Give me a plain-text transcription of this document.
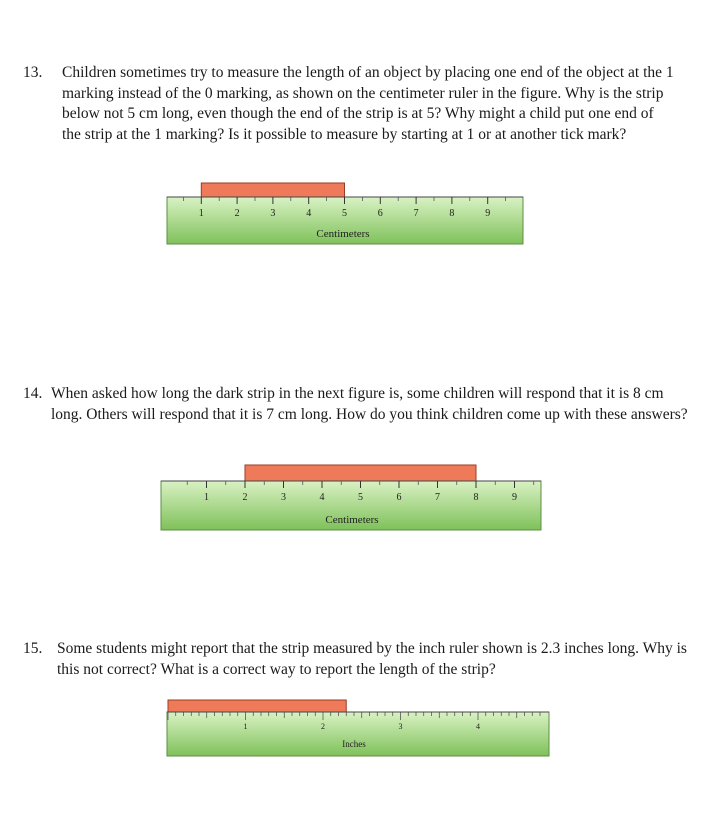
13. Children sometimes try to measure the length of an object by placing one end of the object at the 1 marking instead of the 0 marking, as shown on the centimeter ruler in the figure. Why is the strip below not 5 cm long, even though the end of the strip is at 5? Why might a child put one end of the strip at the 1 marking? Is it possible to measure by starting at 1 or at another tick mark?
1	2	3	4	5	6	7	8	9
Centimeters
14. When asked how long the dark strip in the next figure is, some children will respond that it is 8 cm long. Others will respond that it is 7 cm long. How do you think children come up with these answers?
1	2	3	4	5	6	7	8	9
Centimeters
15. Some students might report that the strip measured by the inch ruler shown is 2.3 inches long. Why is this not correct? What is a correct way to report the length of the strip?
1	2	3	4
Inches
